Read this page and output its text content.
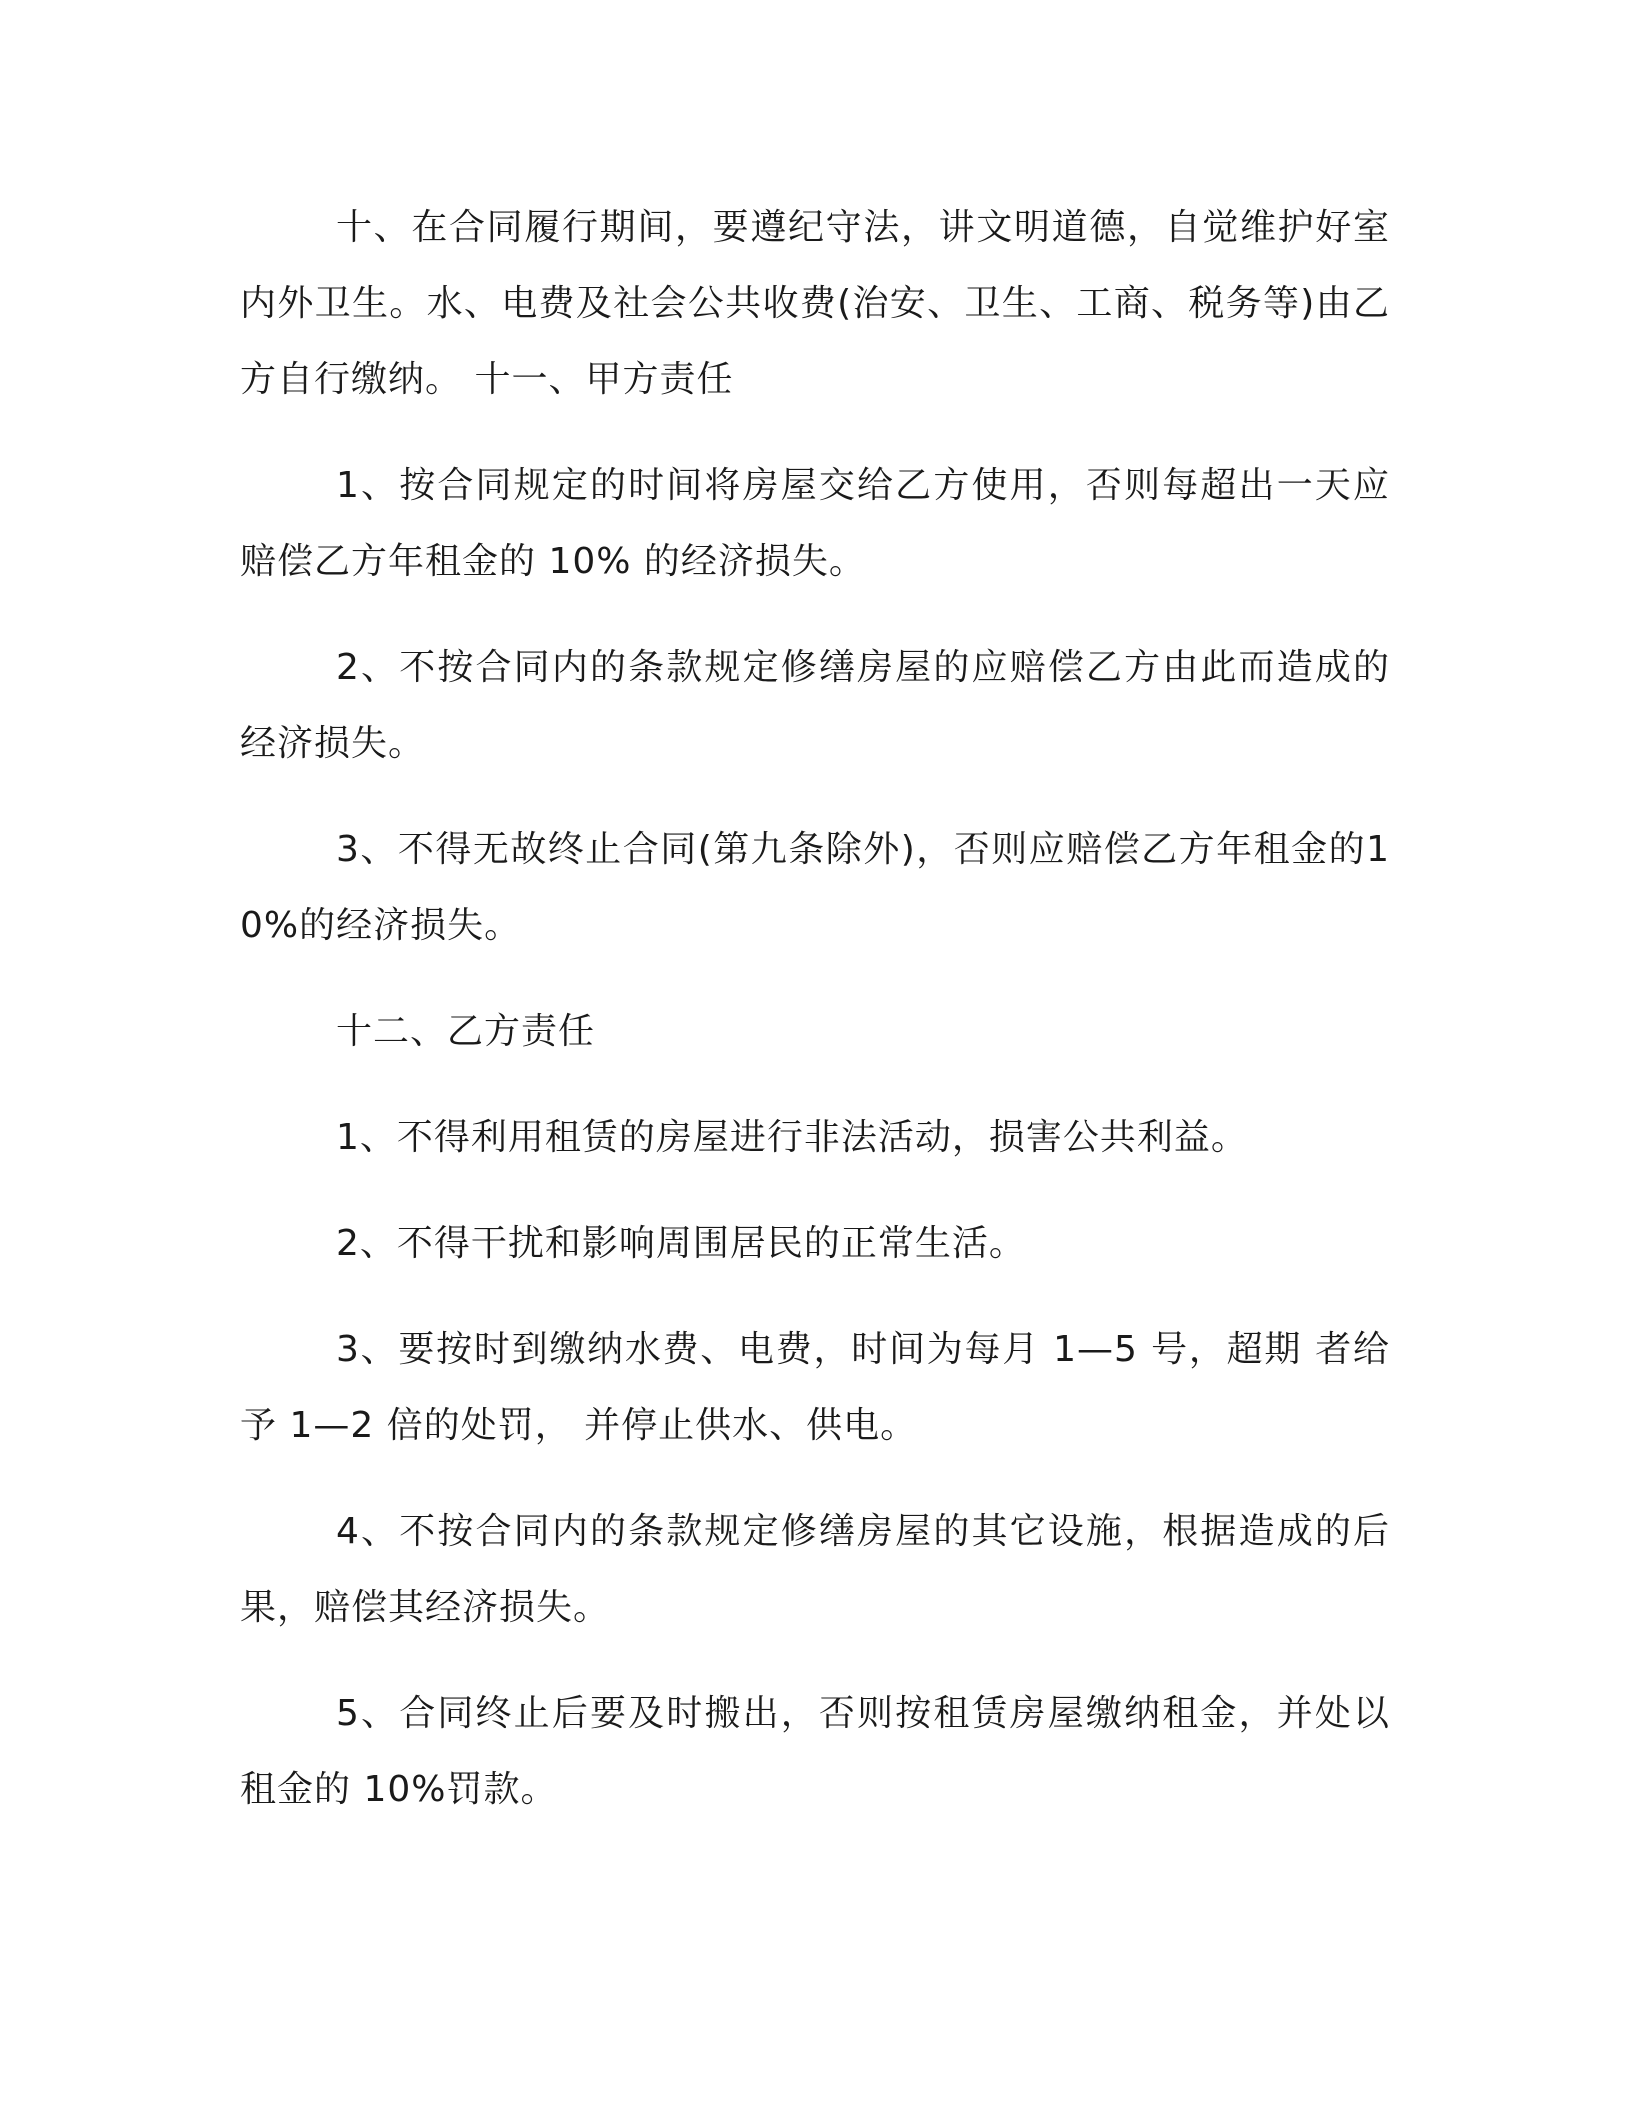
十、在合同履行期间，要遵纪守法，讲文明道德，自觉维护好室内外卫生。水、电费及社会公共收费(治安、卫生、工商、税务等)由乙方自行缴纳。 十一、甲方责任

1、按合同规定的时间将房屋交给乙方使用，否则每超出一天应赔偿乙方年租金的 10% 的经济损失。

2、不按合同内的条款规定修缮房屋的应赔偿乙方由此而造成的经济损失。

3、不得无故终止合同(第九条除外)，否则应赔偿乙方年租金的10%的经济损失。

十二、乙方责任

1、不得利用租赁的房屋进行非法活动，损害公共利益。

2、不得干扰和影响周围居民的正常生活。

3、要按时到缴纳水费、电费，时间为每月 1—5 号，超期 者给予 1—2 倍的处罚， 并停止供水、供电。

4、不按合同内的条款规定修缮房屋的其它设施，根据造成的后果，赔偿其经济损失。

5、合同终止后要及时搬出，否则按租赁房屋缴纳租金，并处以租金的 10%罚款。
